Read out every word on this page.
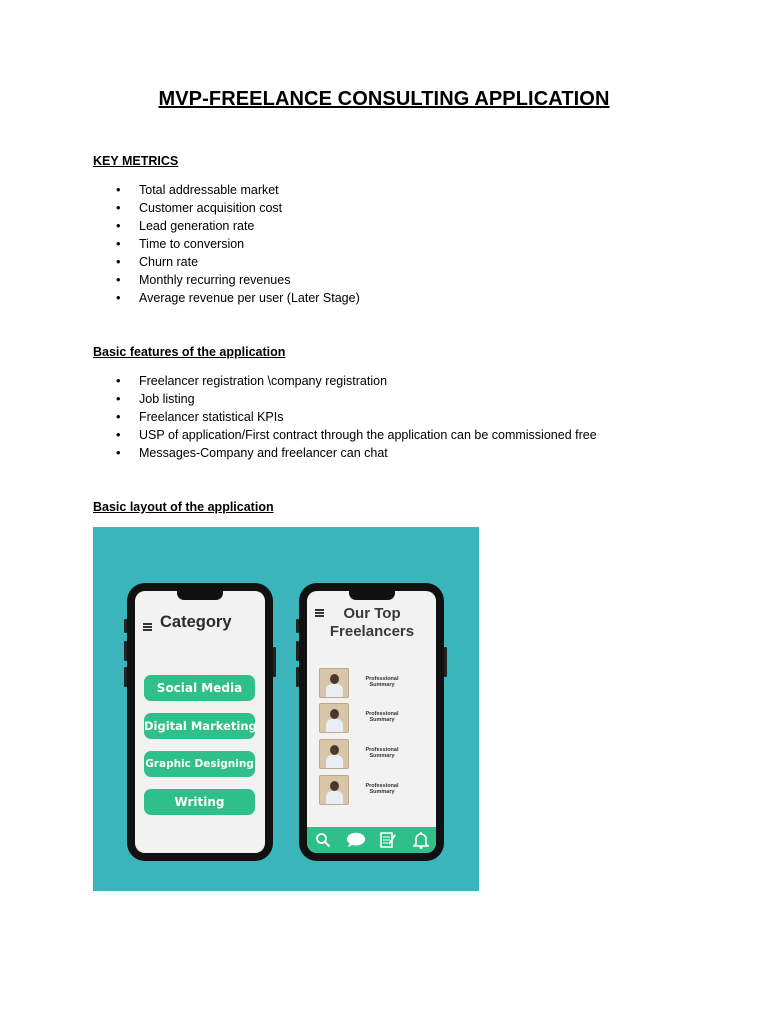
MVP-FREELANCE CONSULTING APPLICATION
KEY METRICS
• Total addressable market
• Customer acquisition cost
• Lead generation rate
• Time to conversion
• Churn rate
• Monthly recurring revenues
• Average revenue per user (Later Stage)
Basic features of the application
• Freelancer registration \company registration
• Job listing
• Freelancer statistical KPIs
• USP of application/First contract through the application can be commissioned free
• Messages-Company and freelancer can chat
Basic layout of the application
Category
Social Media
Digital Marketing
Graphic Designing
Writing
Our Top
Freelancers
Professional
Summary
Professional
Summary
Professional
Summary
Professional
Summary
